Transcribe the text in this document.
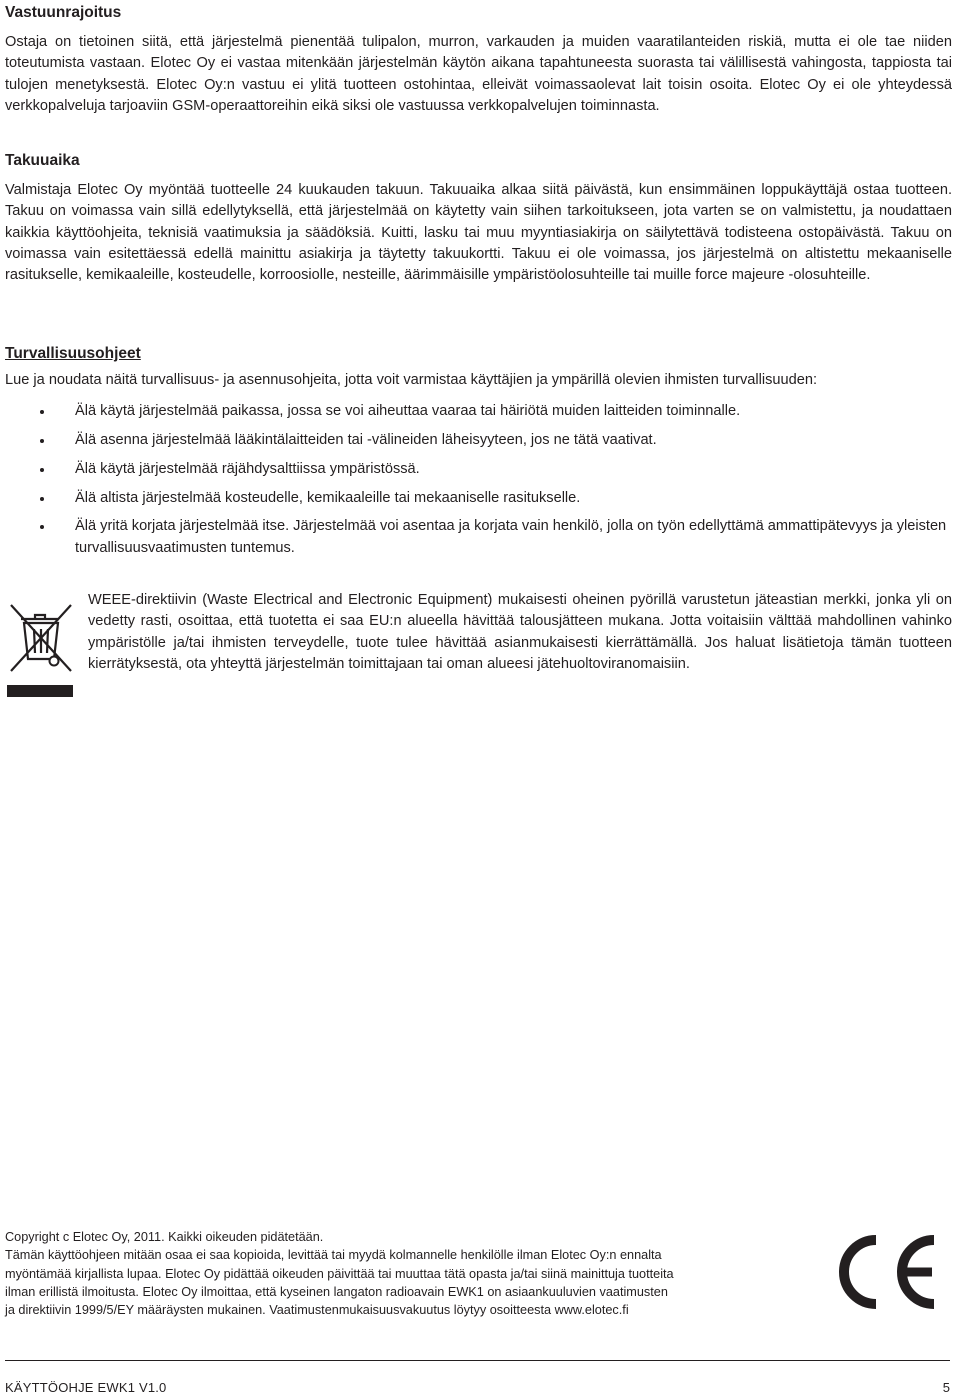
Vastuunrajoitus

Ostaja on tietoinen siitä, että järjestelmä pienentää tulipalon, murron, varkauden ja muiden vaaratilanteiden riskiä, mutta ei ole tae niiden toteutumista vastaan. Elotec Oy ei vastaa mitenkään järjestelmän käytön aikana tapahtuneesta suorasta tai välillisestä vahingosta, tappiosta tai tulojen menetyksestä. Elotec Oy:n vastuu ei ylitä tuotteen ostohintaa, elleivät voimassaolevat lait toisin osoita. Elotec Oy ei ole yhteydessä verkkopalveluja tarjoaviin GSM-operaattoreihin eikä siksi ole vastuussa verkkopalvelujen toiminnasta.

Takuuaika

Valmistaja Elotec Oy myöntää tuotteelle 24 kuukauden takuun. Takuuaika alkaa siitä päivästä, kun ensimmäinen loppukäyttäjä ostaa tuotteen. Takuu on voimassa vain sillä edellytyksellä, että järjestelmää on käytetty vain siihen tarkoitukseen, jota varten se on valmistettu, ja noudattaen kaikkia käyttöohjeita, teknisiä vaatimuksia ja säädöksiä. Kuitti, lasku tai muu myyntiasiakirja on säilytettävä todisteena ostopäivästä. Takuu on voimassa vain esitettäessä edellä mainittu asiakirja ja täytetty takuukortti. Takuu ei ole voimassa, jos järjestelmä on altistettu mekaaniselle rasitukselle, kemikaaleille, kosteudelle, korroosiolle, nesteille, äärimmäisille ympäristöolosuhteille tai muille force majeure -olosuhteille.

Turvallisuusohjeet

Lue ja noudata näitä turvallisuus- ja asennusohjeita, jotta voit varmistaa käyttäjien ja ympärillä olevien ihmisten turvallisuuden:

Älä käytä järjestelmää paikassa, jossa se voi aiheuttaa vaaraa tai häiriötä muiden laitteiden toiminnalle.
Älä asenna järjestelmää lääkintälaitteiden tai -välineiden läheisyyteen, jos ne tätä vaativat.
Älä käytä järjestelmää räjähdysalttiissa ympäristössä.
Älä altista järjestelmää kosteudelle, kemikaaleille tai mekaaniselle rasitukselle.
Älä yritä korjata järjestelmää itse. Järjestelmää voi asentaa ja korjata vain henkilö, jolla on työn edellyttämä ammattipätevyys ja yleisten turvallisuusvaatimusten tuntemus.

WEEE-direktiivin (Waste Electrical and Electronic Equipment) mukaisesti oheinen pyörillä varustetun jäteastian merkki, jonka yli on vedetty rasti, osoittaa, että tuotetta ei saa EU:n alueella hävittää talousjätteen mukana. Jotta voitaisiin välttää mahdollinen vahinko ympäristölle ja/tai ihmisten terveydelle, tuote tulee hävittää asianmukaisesti kierrättämällä. Jos haluat lisätietoja tämän tuotteen kierrätyksestä, ota yhteyttä järjestelmän toimittajaan tai oman alueesi jätehuoltoviranomaisiin.

Copyright c Elotec Oy, 2011. Kaikki oikeuden pidätetään.

Tämän käyttöohjeen mitään osaa ei saa kopioida, levittää tai myydä kolmannelle henkilölle ilman Elotec Oy:n ennalta

myöntämää kirjallista lupaa. Elotec Oy pidättää oikeuden päivittää tai muuttaa tätä opasta ja/tai siinä mainittuja tuotteita

ilman erillistä ilmoitusta. Elotec Oy ilmoittaa, että kyseinen langaton radioavain EWK1 on asiaankuuluvien vaatimusten

ja direktiivin 1999/5/EY määräysten mukainen. Vaatimustenmukaisuusvakuutus löytyy osoitteesta www.elotec.fi

KÄYTTÖOHJE EWK1 V1.0	5
